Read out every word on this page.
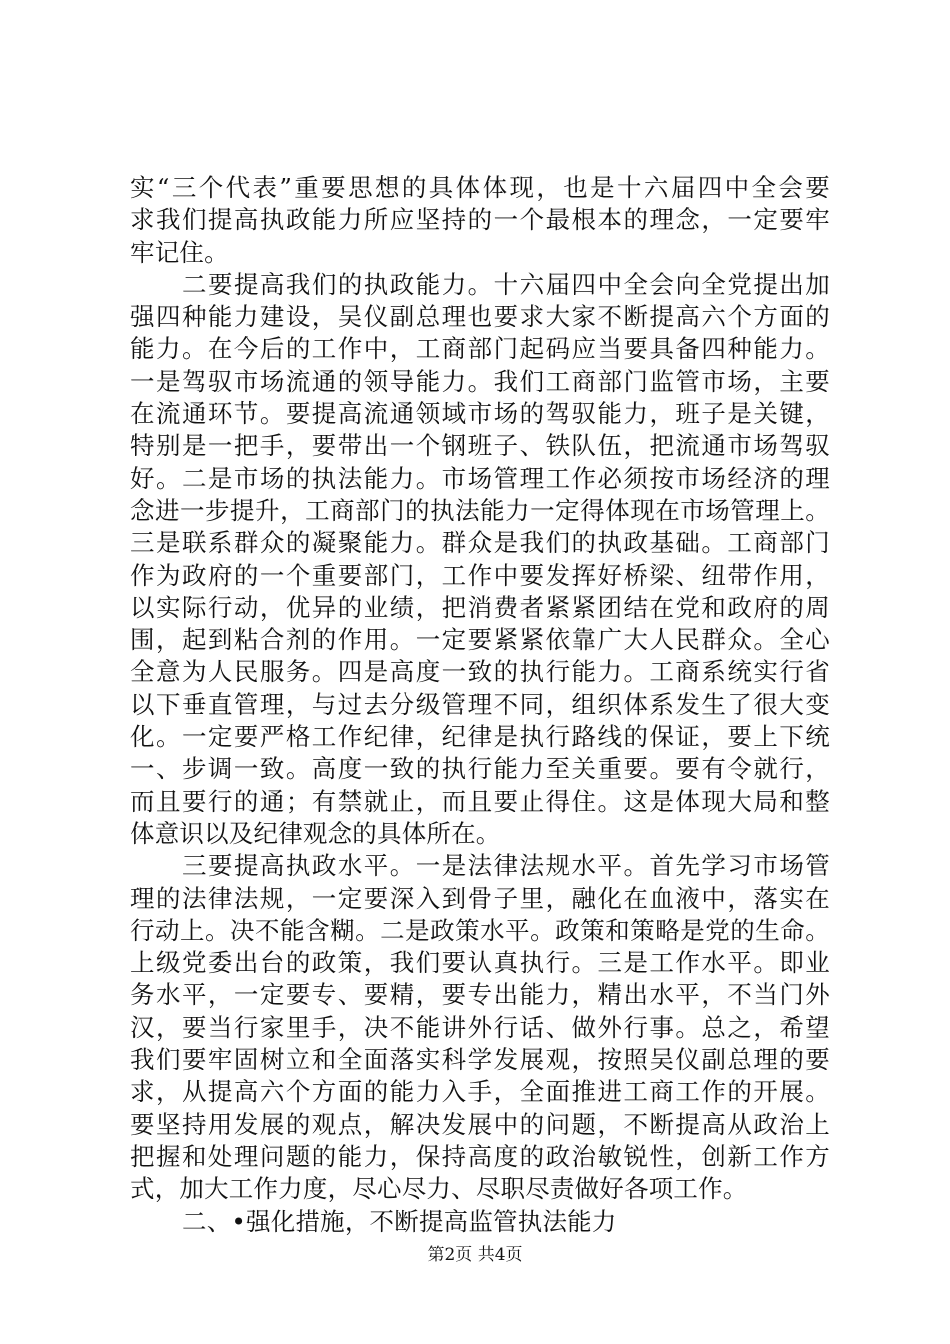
实“三个代表”重要思想的具体体现，也是十六届四中全会要
求我们提高执政能力所应坚持的一个最根本的理念，一定要牢
牢记住。
二要提高我们的执政能力。十六届四中全会向全党提出加
强四种能力建设，吴仪副总理也要求大家不断提高六个方面的
能力。在今后的工作中，工商部门起码应当要具备四种能力。
一是驾驭市场流通的领导能力。我们工商部门监管市场，主要
在流通环节。要提高流通领域市场的驾驭能力，班子是关键，
特别是一把手，要带出一个钢班子、铁队伍，把流通市场驾驭
好。二是市场的执法能力。市场管理工作必须按市场经济的理
念进一步提升，工商部门的执法能力一定得体现在市场管理上。
三是联系群众的凝聚能力。群众是我们的执政基础。工商部门
作为政府的一个重要部门，工作中要发挥好桥梁、纽带作用，
以实际行动，优异的业绩，把消费者紧紧团结在党和政府的周
围，起到粘合剂的作用。一定要紧紧依靠广大人民群众。全心
全意为人民服务。四是高度一致的执行能力。工商系统实行省
以下垂直管理，与过去分级管理不同，组织体系发生了很大变
化。一定要严格工作纪律，纪律是执行路线的保证，要上下统
一、步调一致。高度一致的执行能力至关重要。要有令就行，
而且要行的通；有禁就止，而且要止得住。这是体现大局和整
体意识以及纪律观念的具体所在。
三要提高执政水平。一是法律法规水平。首先学习市场管
理的法律法规，一定要深入到骨子里，融化在血液中，落实在
行动上。决不能含糊。二是政策水平。政策和策略是党的生命。
上级党委出台的政策，我们要认真执行。三是工作水平。即业
务水平，一定要专、要精，要专出能力，精出水平，不当门外
汉，要当行家里手，决不能讲外行话、做外行事。总之，希望
我们要牢固树立和全面落实科学发展观，按照吴仪副总理的要
求，从提高六个方面的能力入手，全面推进工商工作的开展。
要坚持用发展的观点，解决发展中的问题，不断提高从政治上
把握和处理问题的能力，保持高度的政治敏锐性，创新工作方
式，加大工作力度，尽心尽力、尽职尽责做好各项工作。
二、•强化措施，不断提高监管执法能力
第2页 共4页
